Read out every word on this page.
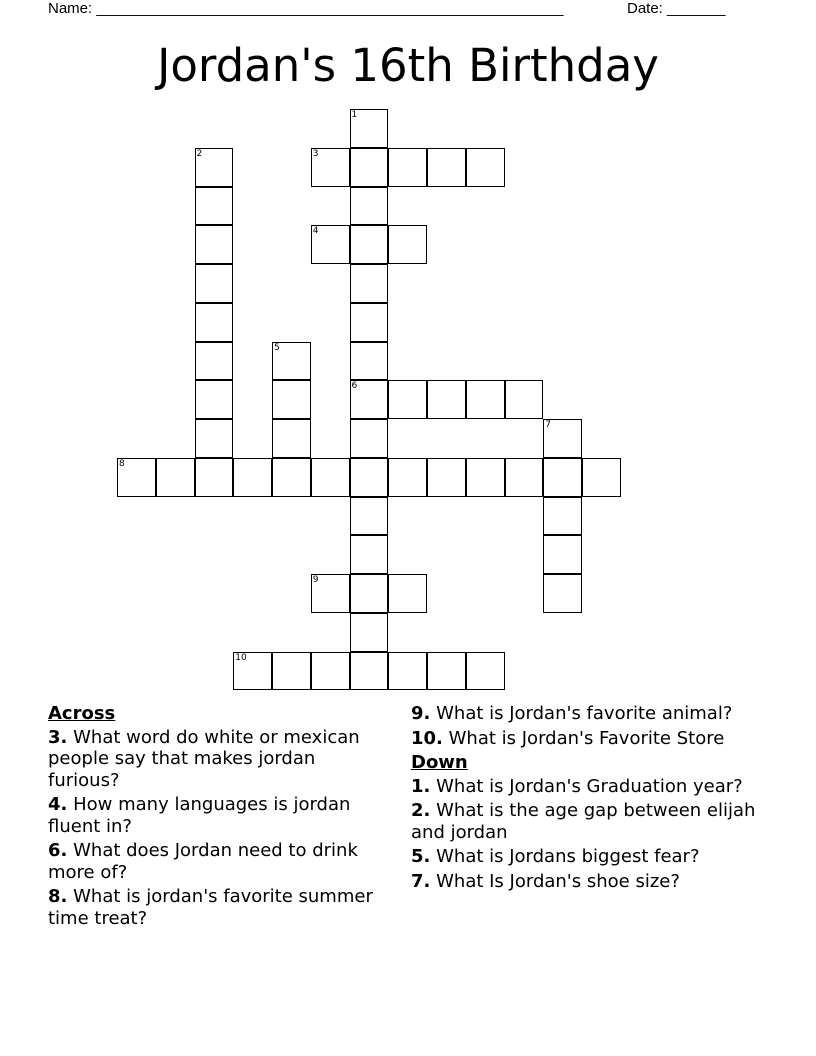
Name: ________________________________________________________	Date: _______
Jordan's 16th Birthday
1
2	3
4
5
6
7
8
9
10
Across
3. What word do white or mexican people say that makes jordan furious?
4. How many languages is jordan fluent in?
6. What does Jordan need to drink more of?
8. What is jordan's favorite summer time treat?
9. What is Jordan's favorite animal?
10. What is Jordan's Favorite Store
Down
1. What is Jordan's Graduation year?
2. What is the age gap between elijah and jordan
5. What is Jordans biggest fear?
7. What Is Jordan's shoe size?
